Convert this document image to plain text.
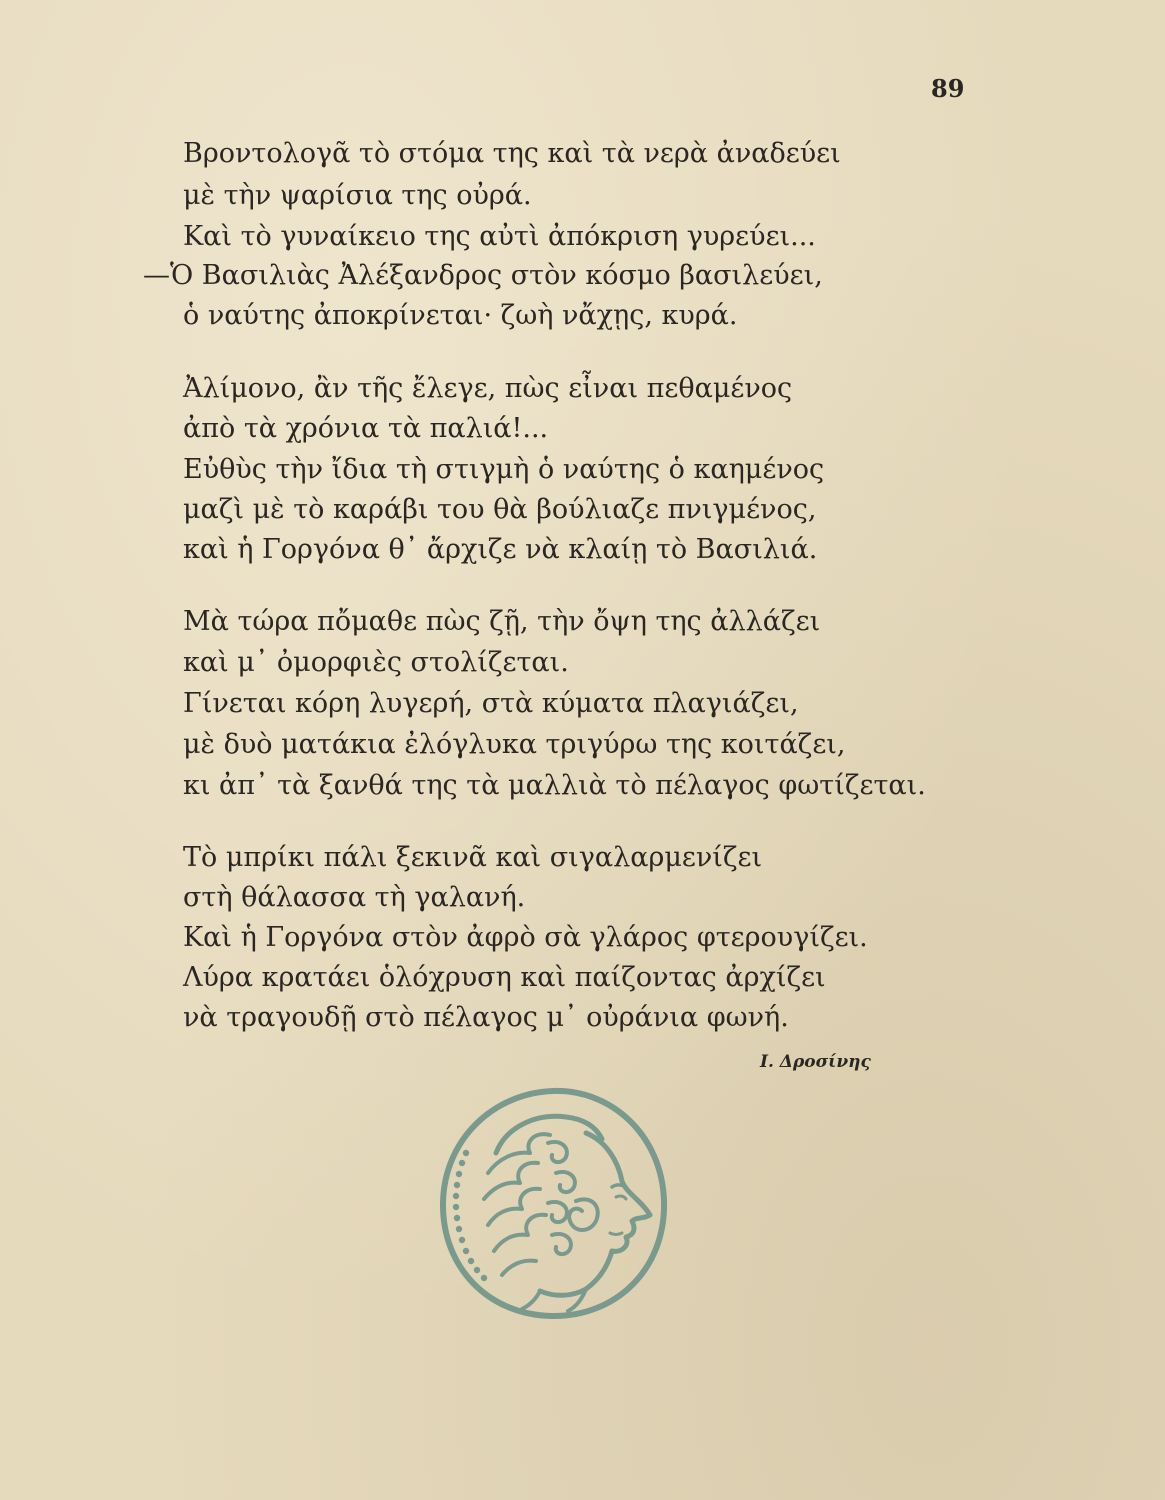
89
Βροντολογᾶ τὸ στόμα της καὶ τὰ νερὰ ἀναδεύει
μὲ τὴν ψαρίσια της οὐρά.
Καὶ τὸ γυναίκειο της αὐτὶ ἀπόκριση γυρεύει...
—Ὁ Βασιλιὰς Ἀλέξανδρος στὸν κόσμο βασιλεύει,
ὁ ναύτης ἀποκρίνεται· ζωὴ νἄχῃς, κυρά.
Ἀλίμονο, ἂν τῆς ἔλεγε, πὼς εἶναι πεθαμένος
ἀπὸ τὰ χρόνια τὰ παλιά!...
Εὐθὺς τὴν ἴδια τὴ στιγμὴ ὁ ναύτης ὁ καημένος
μαζὶ μὲ τὸ καράβι του θὰ βούλιαζε πνιγμένος,
καὶ ἡ Γοργόνα θ᾽ ἄρχιζε νὰ κλαίῃ τὸ Βασιλιά.
Μὰ τώρα πὄμαθε πὼς ζῇ, τὴν ὄψη της ἀλλάζει
καὶ μ᾽ ὀμορφιὲς στολίζεται.
Γίνεται κόρη λυγερή, στὰ κύματα πλαγιάζει,
μὲ δυὸ ματάκια ἐλόγλυκα τριγύρω της κοιτάζει,
κι ἀπ᾽ τὰ ξανθά της τὰ μαλλιὰ τὸ πέλαγος φωτίζεται.
Τὸ μπρίκι πάλι ξεκινᾶ καὶ σιγαλαρμενίζει
στὴ θάλασσα τὴ γαλανή.
Καὶ ἡ Γοργόνα στὸν ἀφρὸ σὰ γλάρος φτερουγίζει.
Λύρα κρατάει ὁλόχρυση καὶ παίζοντας ἀρχίζει
νὰ τραγουδῇ στὸ πέλαγος μ᾽ οὐράνια φωνή.
Ι. Δροσίνης
